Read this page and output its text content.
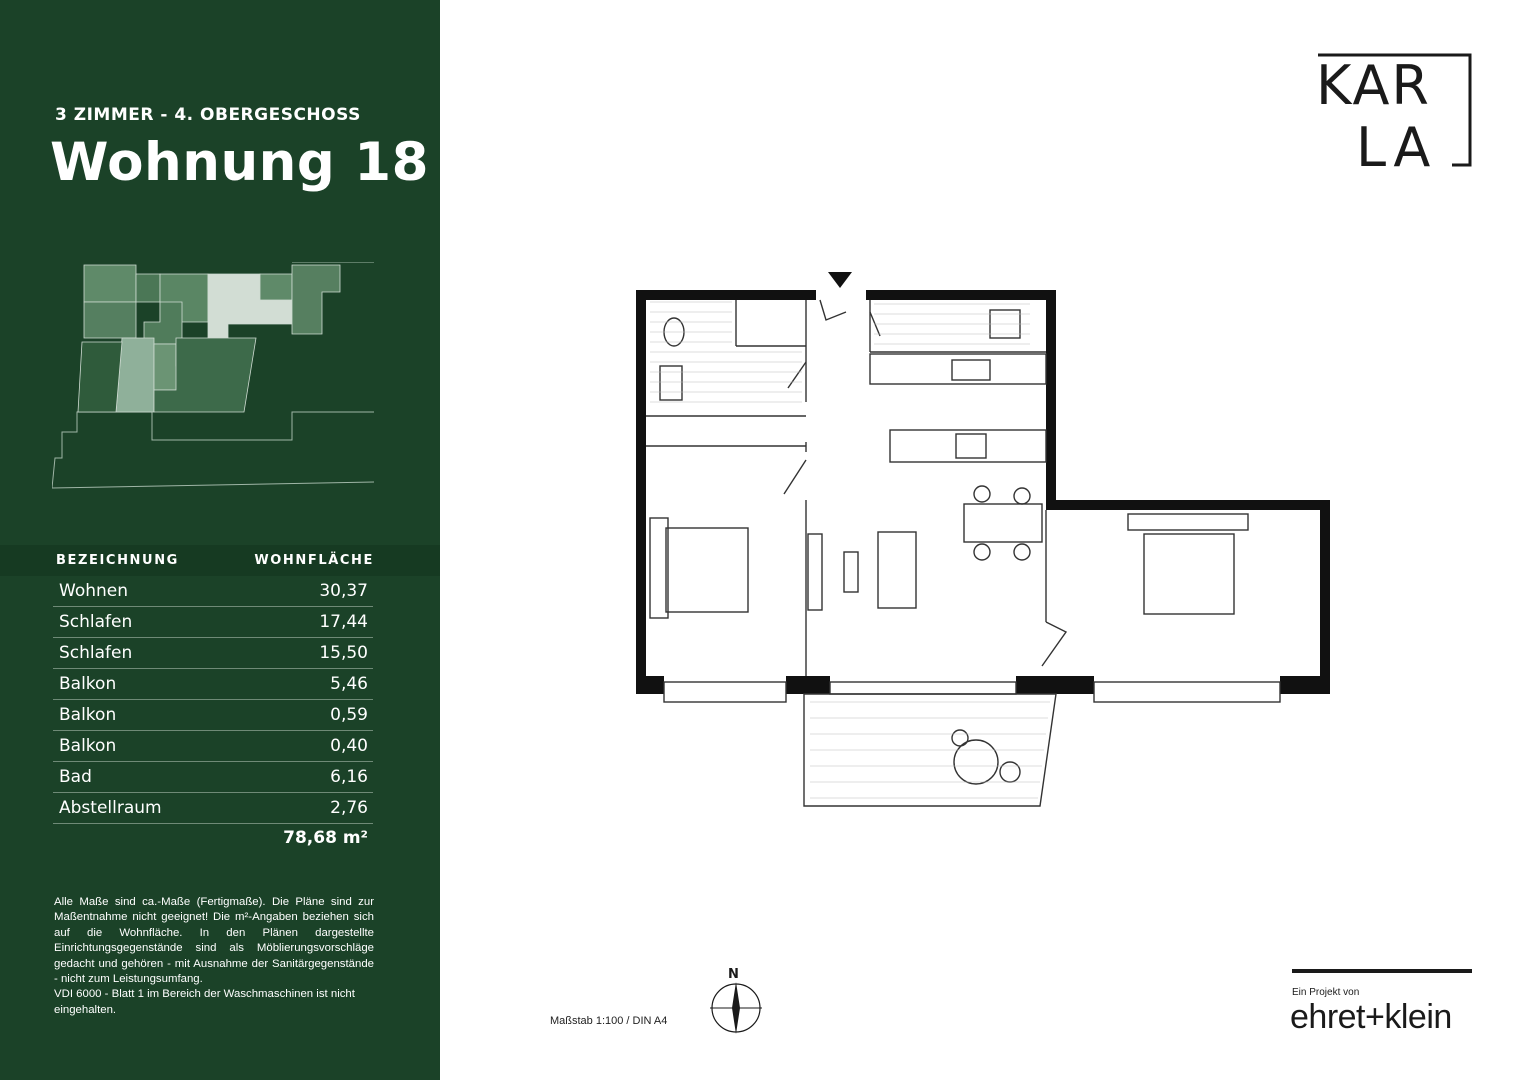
3 ZIMMER - 4. OBERGESCHOSS
Wohnung 18
BEZEICHNUNG	WOHNFLÄCHE
Wohnen	30,37
Schlafen	17,44
Schlafen	15,50
Balkon	5,46
Balkon	0,59
Balkon	0,40
Bad	6,16
Abstellraum	2,76
78,68 m²

Alle Maße sind ca.-Maße (Fertigmaße). Die Pläne sind zur Maßentnahme nicht geeignet! Die m²-Angaben beziehen sich auf die Wohnfläche. In den Plänen dargestellte Einrichtungsgegenstände sind als Möblierungsvorschläge gedacht und gehören - mit Ausnahme der Sanitärgegenstände - nicht zum Leistungsumfang.

VDI 6000 - Blatt 1 im Bereich der Waschmaschinen ist nicht eingehalten.

KAR
LA
Maßstab 1:100 / DIN A4
N
Ein Projekt von
ehret+klein
